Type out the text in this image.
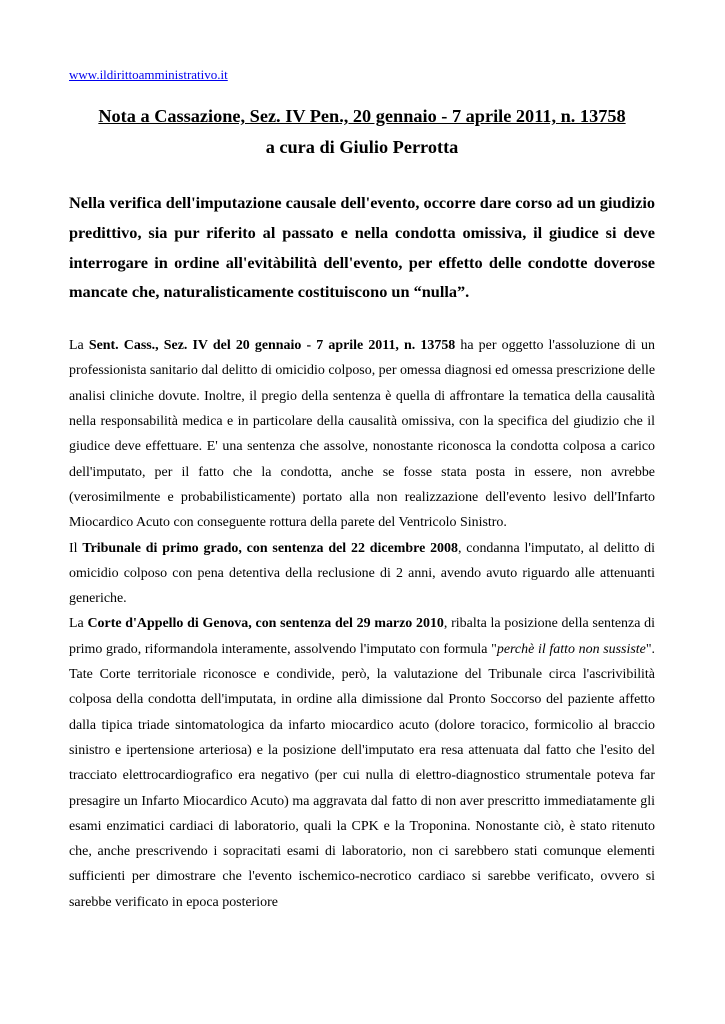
www.ildirittoamministrativo.it
Nota a Cassazione, Sez. IV Pen., 20 gennaio - 7 aprile 2011, n. 13758
a cura di Giulio Perrotta
Nella verifica dell'imputazione causale dell'evento, occorre dare corso ad un giudizio predittivo, sia pur riferito al passato e nella condotta omissiva, il giudice si deve interrogare in ordine all'evitàbilità dell'evento, per effetto delle condotte doverose mancate che, naturalisticamente costituiscono un “nulla”.

La Sent. Cass., Sez. IV del 20 gennaio - 7 aprile 2011, n. 13758 ha per oggetto l'assoluzione di un professionista sanitario dal delitto di omicidio colposo, per omessa diagnosi ed omessa prescrizione delle analisi cliniche dovute. Inoltre, il pregio della sentenza è quella di affrontare la tematica della causalità nella responsabilità medica e in particolare della causalità omissiva, con la specifica del giudizio che il giudice deve effettuare. E' una sentenza che assolve, nonostante riconosca la condotta colposa a carico dell'imputato, per il fatto che la condotta, anche se fosse stata posta in essere, non avrebbe (verosimilmente e probabilisticamente) portato alla non realizzazione dell'evento lesivo dell'Infarto Miocardico Acuto con conseguente rottura della parete del Ventricolo Sinistro.

Il Tribunale di primo grado, con sentenza del 22 dicembre 2008, condanna l'imputato, al delitto di omicidio colposo con pena detentiva della reclusione di 2 anni, avendo avuto riguardo alle attenuanti generiche.

La Corte d'Appello di Genova, con sentenza del 29 marzo 2010, ribalta la posizione della sentenza di primo grado, riformandola interamente, assolvendo l'imputato con formula "perchè il fatto non sussiste". Tate Corte territoriale riconosce e condivide, però, la valutazione del Tribunale circa l'ascrivibilità colposa della condotta dell'imputata, in ordine alla dimissione dal Pronto Soccorso del paziente affetto dalla tipica triade sintomatologica da infarto miocardico acuto (dolore toracico, formicolio al braccio sinistro e ipertensione arteriosa) e la posizione dell'imputato era resa attenuata dal fatto che l'esito del tracciato elettrocardiografico era negativo (per cui nulla di elettro-diagnostico strumentale poteva far presagire un Infarto Miocardico Acuto) ma aggravata dal fatto di non aver prescritto immediatamente gli esami enzimatici cardiaci di laboratorio, quali la CPK e la Troponina. Nonostante ciò, è stato ritenuto che, anche prescrivendo i sopracitati esami di laboratorio, non ci sarebbero stati comunque elementi sufficienti per dimostrare che l'evento ischemico-necrotico cardiaco si sarebbe verificato, ovvero si sarebbe verificato in epoca posteriore
